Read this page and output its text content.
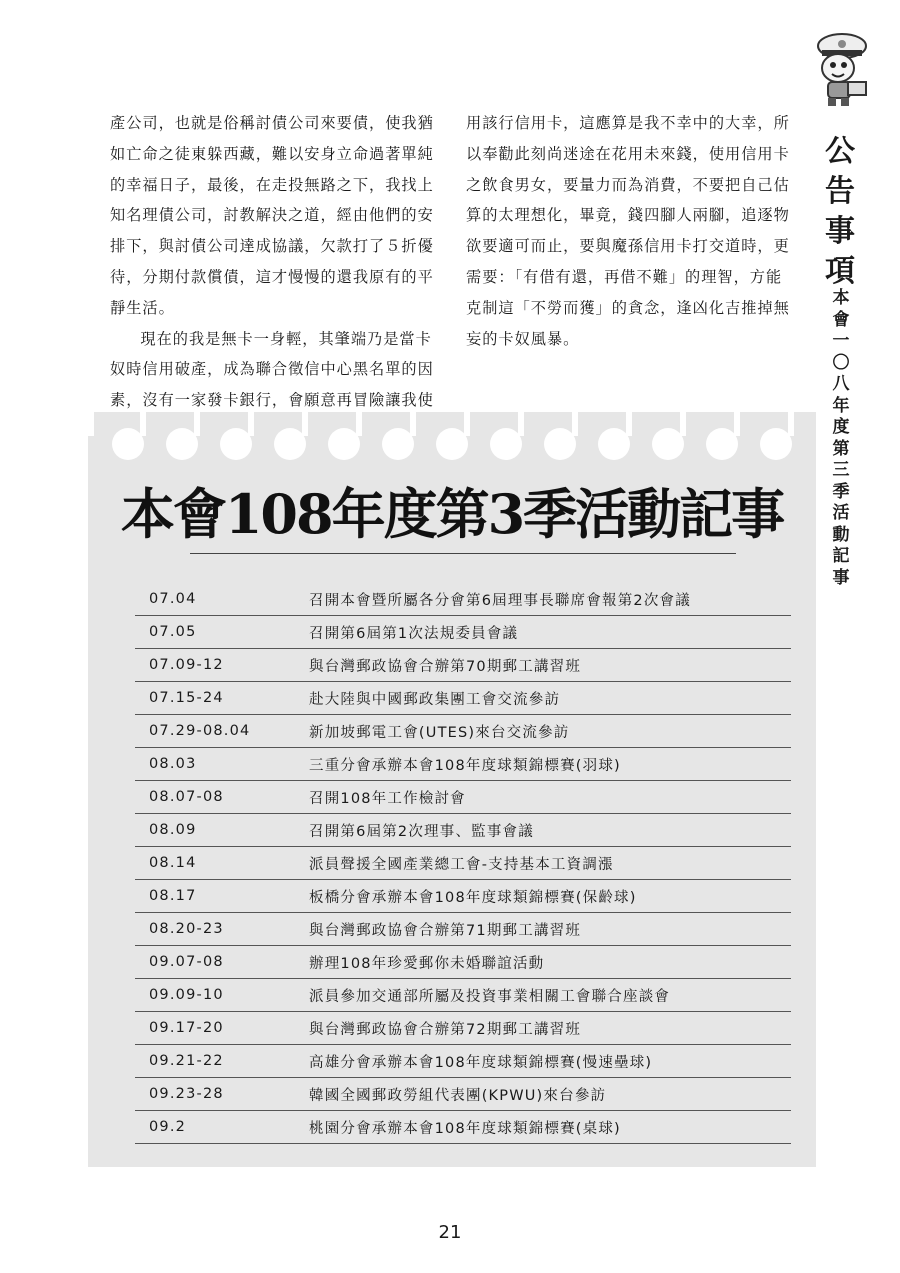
公
告
事
項
本
會
一
〇
八
年
度
第
三
季
活
動
記
事

產公司，也就是俗稱討債公司來要債，使我猶如亡命之徒東躲西藏，難以安身立命過著單純的幸福日子，最後，在走投無路之下，我找上知名理債公司，討教解決之道，經由他們的安排下，與討債公司達成協議，欠款打了５折優待，分期付款償債，這才慢慢的還我原有的平靜生活。

現在的我是無卡一身輕，其肇端乃是當卡奴時信用破產，成為聯合徵信中心黑名單的因素，沒有一家發卡銀行，會願意再冒險讓我使

用該行信用卡，這應算是我不幸中的大幸，所以奉勸此刻尚迷途在花用未來錢，使用信用卡之飲食男女，要量力而為消費，不要把自己估算的太理想化，畢竟，錢四腳人兩腳，追逐物欲要適可而止，要與魔孫信用卡打交道時，更需要：「有借有還，再借不難」的理智，方能克制這「不勞而獲」的貪念，逢凶化吉推掉無妄的卡奴風暴。

本會108年度第3季活動記事
07.04	召開本會暨所屬各分會第6屆理事長聯席會報第2次會議
07.05	召開第6屆第1次法規委員會議
07.09-12	與台灣郵政協會合辦第70期郵工講習班
07.15-24	赴大陸與中國郵政集團工會交流參訪
07.29-08.04	新加坡郵電工會(UTES)來台交流參訪
08.03	三重分會承辦本會108年度球類錦標賽(羽球)
08.07-08	召開108年工作檢討會
08.09	召開第6屆第2次理事、監事會議
08.14	派員聲援全國產業總工會-支持基本工資調漲
08.17	板橋分會承辦本會108年度球類錦標賽(保齡球)
08.20-23	與台灣郵政協會合辦第71期郵工講習班
09.07-08	辦理108年珍愛郵你未婚聯誼活動
09.09-10	派員參加交通部所屬及投資事業相關工會聯合座談會
09.17-20	與台灣郵政協會合辦第72期郵工講習班
09.21-22	高雄分會承辦本會108年度球類錦標賽(慢速壘球)
09.23-28	韓國全國郵政勞組代表團(KPWU)來台參訪
09.2	桃園分會承辦本會108年度球類錦標賽(桌球)
21
